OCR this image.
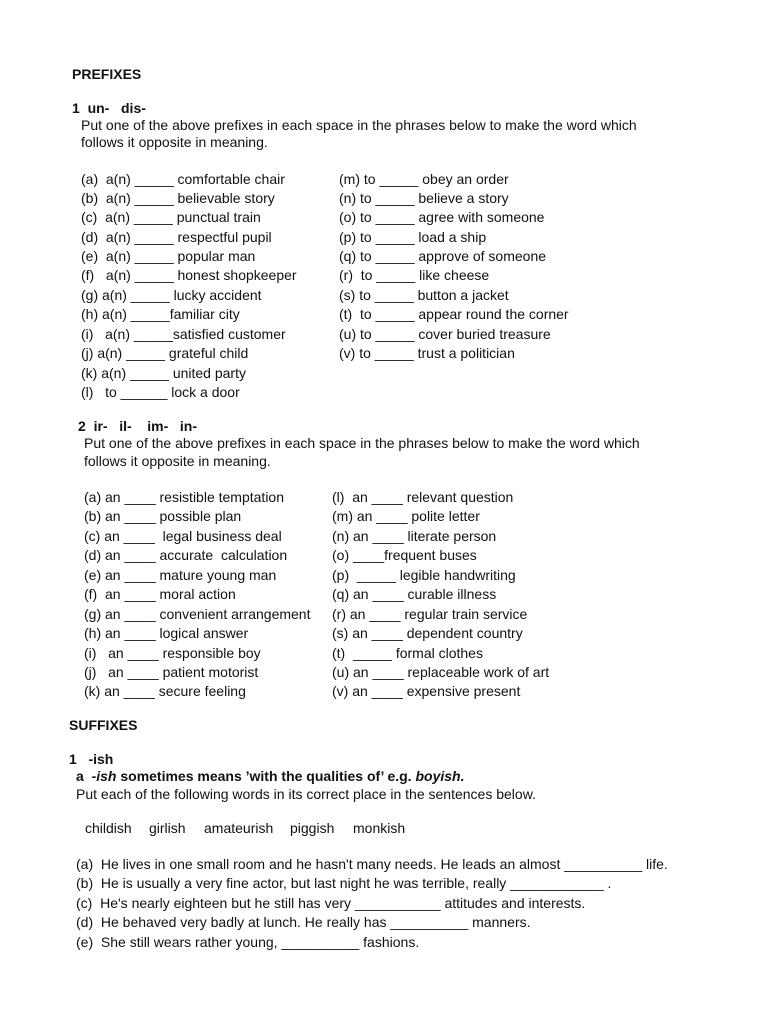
PREFIXES
1  un-   dis-
Put one of the above prefixes in each space in the phrases below to make the word which
follows it opposite in meaning.
(a)  a(n) _____ comfortable chair
(b)  a(n) _____ believable story
(c)  a(n) _____ punctual train
(d)  a(n) _____ respectful pupil
(e)  a(n) _____ popular man
(f)   a(n) _____ honest shopkeeper
(g) a(n) _____ lucky accident
(h) a(n) _____familiar city
(i)   a(n) _____satisfied customer
(j) a(n) _____ grateful child
(k) a(n) _____ united party
(l)   to ______ lock a door
(m) to _____ obey an order
(n) to _____ believe a story
(o) to _____ agree with someone
(p) to _____ load a ship
(q) to _____ approve of someone
(r)  to _____ like cheese
(s) to _____ button a jacket
(t)  to _____ appear round the corner
(u) to _____ cover buried treasure
(v) to _____ trust a politician
2  ir-   il-    im-   in-
Put one of the above prefixes in each space in the phrases below to make the word which
follows it opposite in meaning.
(a) an ____ resistible temptation
(b) an ____ possible plan
(c) an ____  legal business deal
(d) an ____ accurate  calculation
(e) an ____ mature young man
(f)  an ____ moral action
(g) an ____ convenient arrangement
(h) an ____ logical answer
(i)   an ____ responsible boy
(j)   an ____ patient motorist
(k) an ____ secure feeling
(l)  an ____ relevant question
(m) an ____ polite letter
(n) an ____ literate person
(o) ____frequent buses
(p)  _____ legible handwriting
(q) an ____ curable illness
(r) an ____ regular train service
(s) an ____ dependent country
(t)  _____ formal clothes
(u) an ____ replaceable work of art
(v) an ____ expensive present
SUFFIXES
1   -ish
a  -ish sometimes means ’with the qualities of’ e.g. boyish.
Put each of the following words in its correct place in the sentences below.
childish girlish amateurish piggish monkish
(a)  He lives in one small room and he hasn't many needs. He leads an almost __________ life.
(b)  He is usually a very fine actor, but last night he was terrible, really ____________ .
(c)  He's nearly eighteen but he still has very ___________ attitudes and interests.
(d)  He behaved very badly at lunch. He really has __________ manners.
(e)  She still wears rather young, __________ fashions.
